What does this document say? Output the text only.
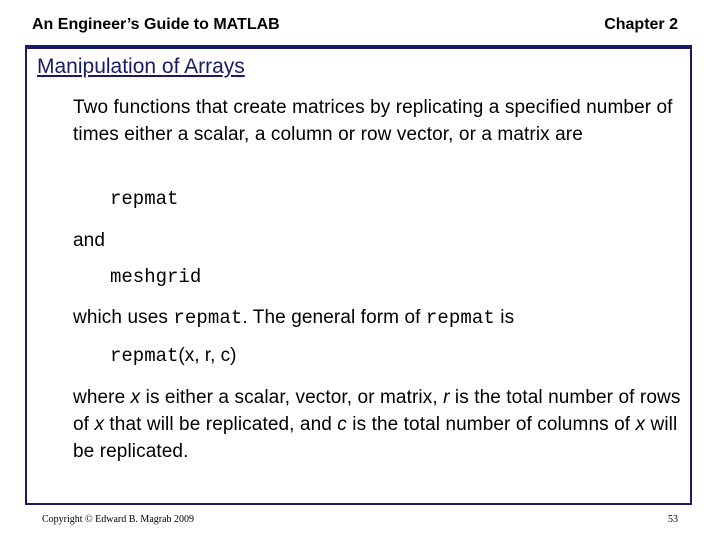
An Engineer’s Guide to MATLAB	Chapter 2
Manipulation of Arrays
Two functions that create matrices by replicating a specified number of times either a scalar, a column or row vector, or a matrix are
repmat
and
meshgrid
which uses repmat. The general form of repmat is
repmat(x, r, c)
where x is either a scalar, vector, or matrix, r is the total number of rows of x that will be replicated, and c is the total number of columns of x will be replicated.
Copyright © Edward B. Magrab 2009	53
